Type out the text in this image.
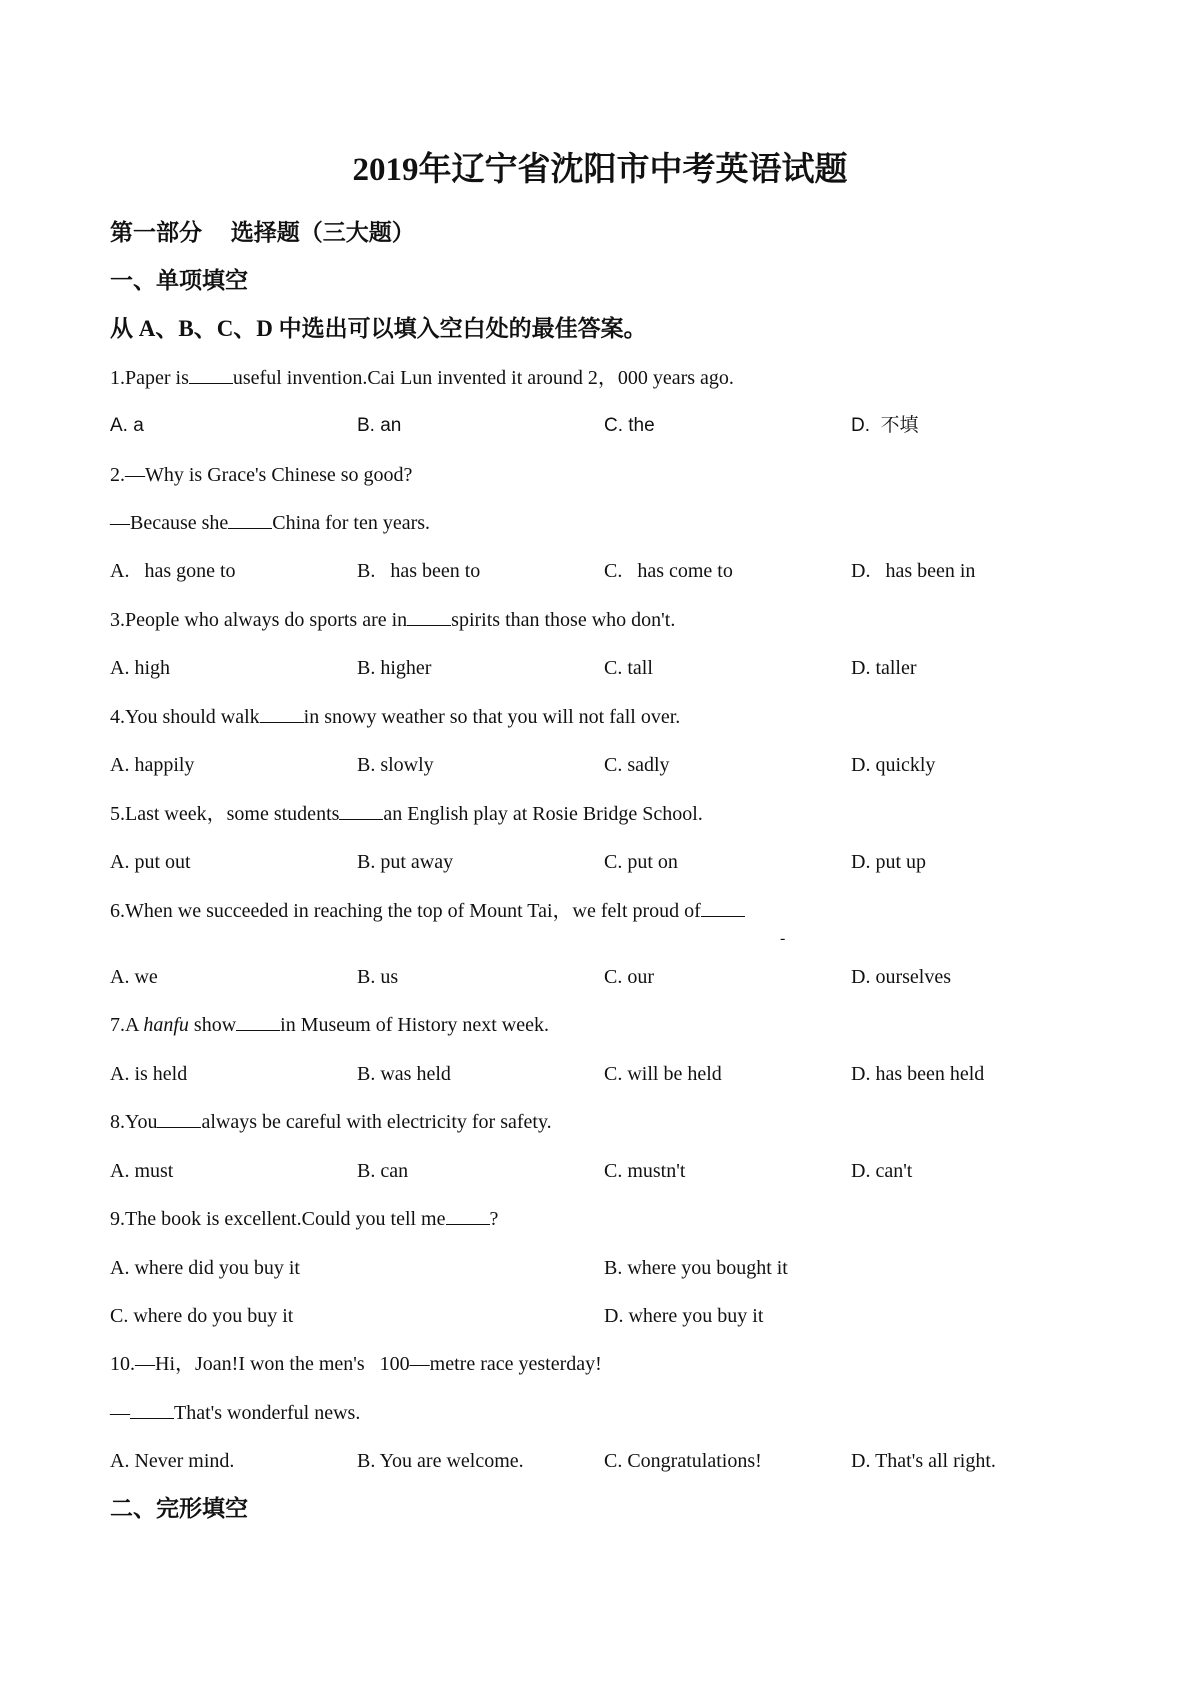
2019年辽宁省沈阳市中考英语试题
第一部分　 选择题（三大题）
一、单项填空
从 A、B、C、D 中选出可以填入空白处的最佳答案。
1.Paper is useful invention.Cai Lun invented it around 2，000 years ago.
A. a	B. an	C. the	D.  不填
2.—Why is Grace's Chinese so good?
—Because she China for ten years.
A.   has gone to	B.   has been to	C.   has come to	D.   has been in
3.People who always do sports are in spirits than those who don't.
A. high	B. higher	C. tall	D. taller
4.You should walk in snowy weather so that you will not fall over.
A. happily	B. slowly	C. sadly	D. quickly
5.Last week，some students an English play at Rosie Bridge School.
A. put out	B. put away	C. put on	D. put up
6.When we succeeded in reaching the top of Mount Tai，we felt proud of
-
A. we	B. us	C. our	D. ourselves
7.A hanfu show in Museum of History next week.
A. is held	B. was held	C. will be held	D. has been held
8.You always be careful with electricity for safety.
A. must	B. can	C. mustn't	D. can't
9.The book is excellent.Could you tell me ?
A. where did you buy it	B. where you bought it
C. where do you buy it	D. where you buy it
10.—Hi，Joan!I won the men's   100—metre race yesterday!
— That's wonderful news.
A. Never mind.	B. You are welcome.	C. Congratulations!	D. That's all right.
二、完形填空
